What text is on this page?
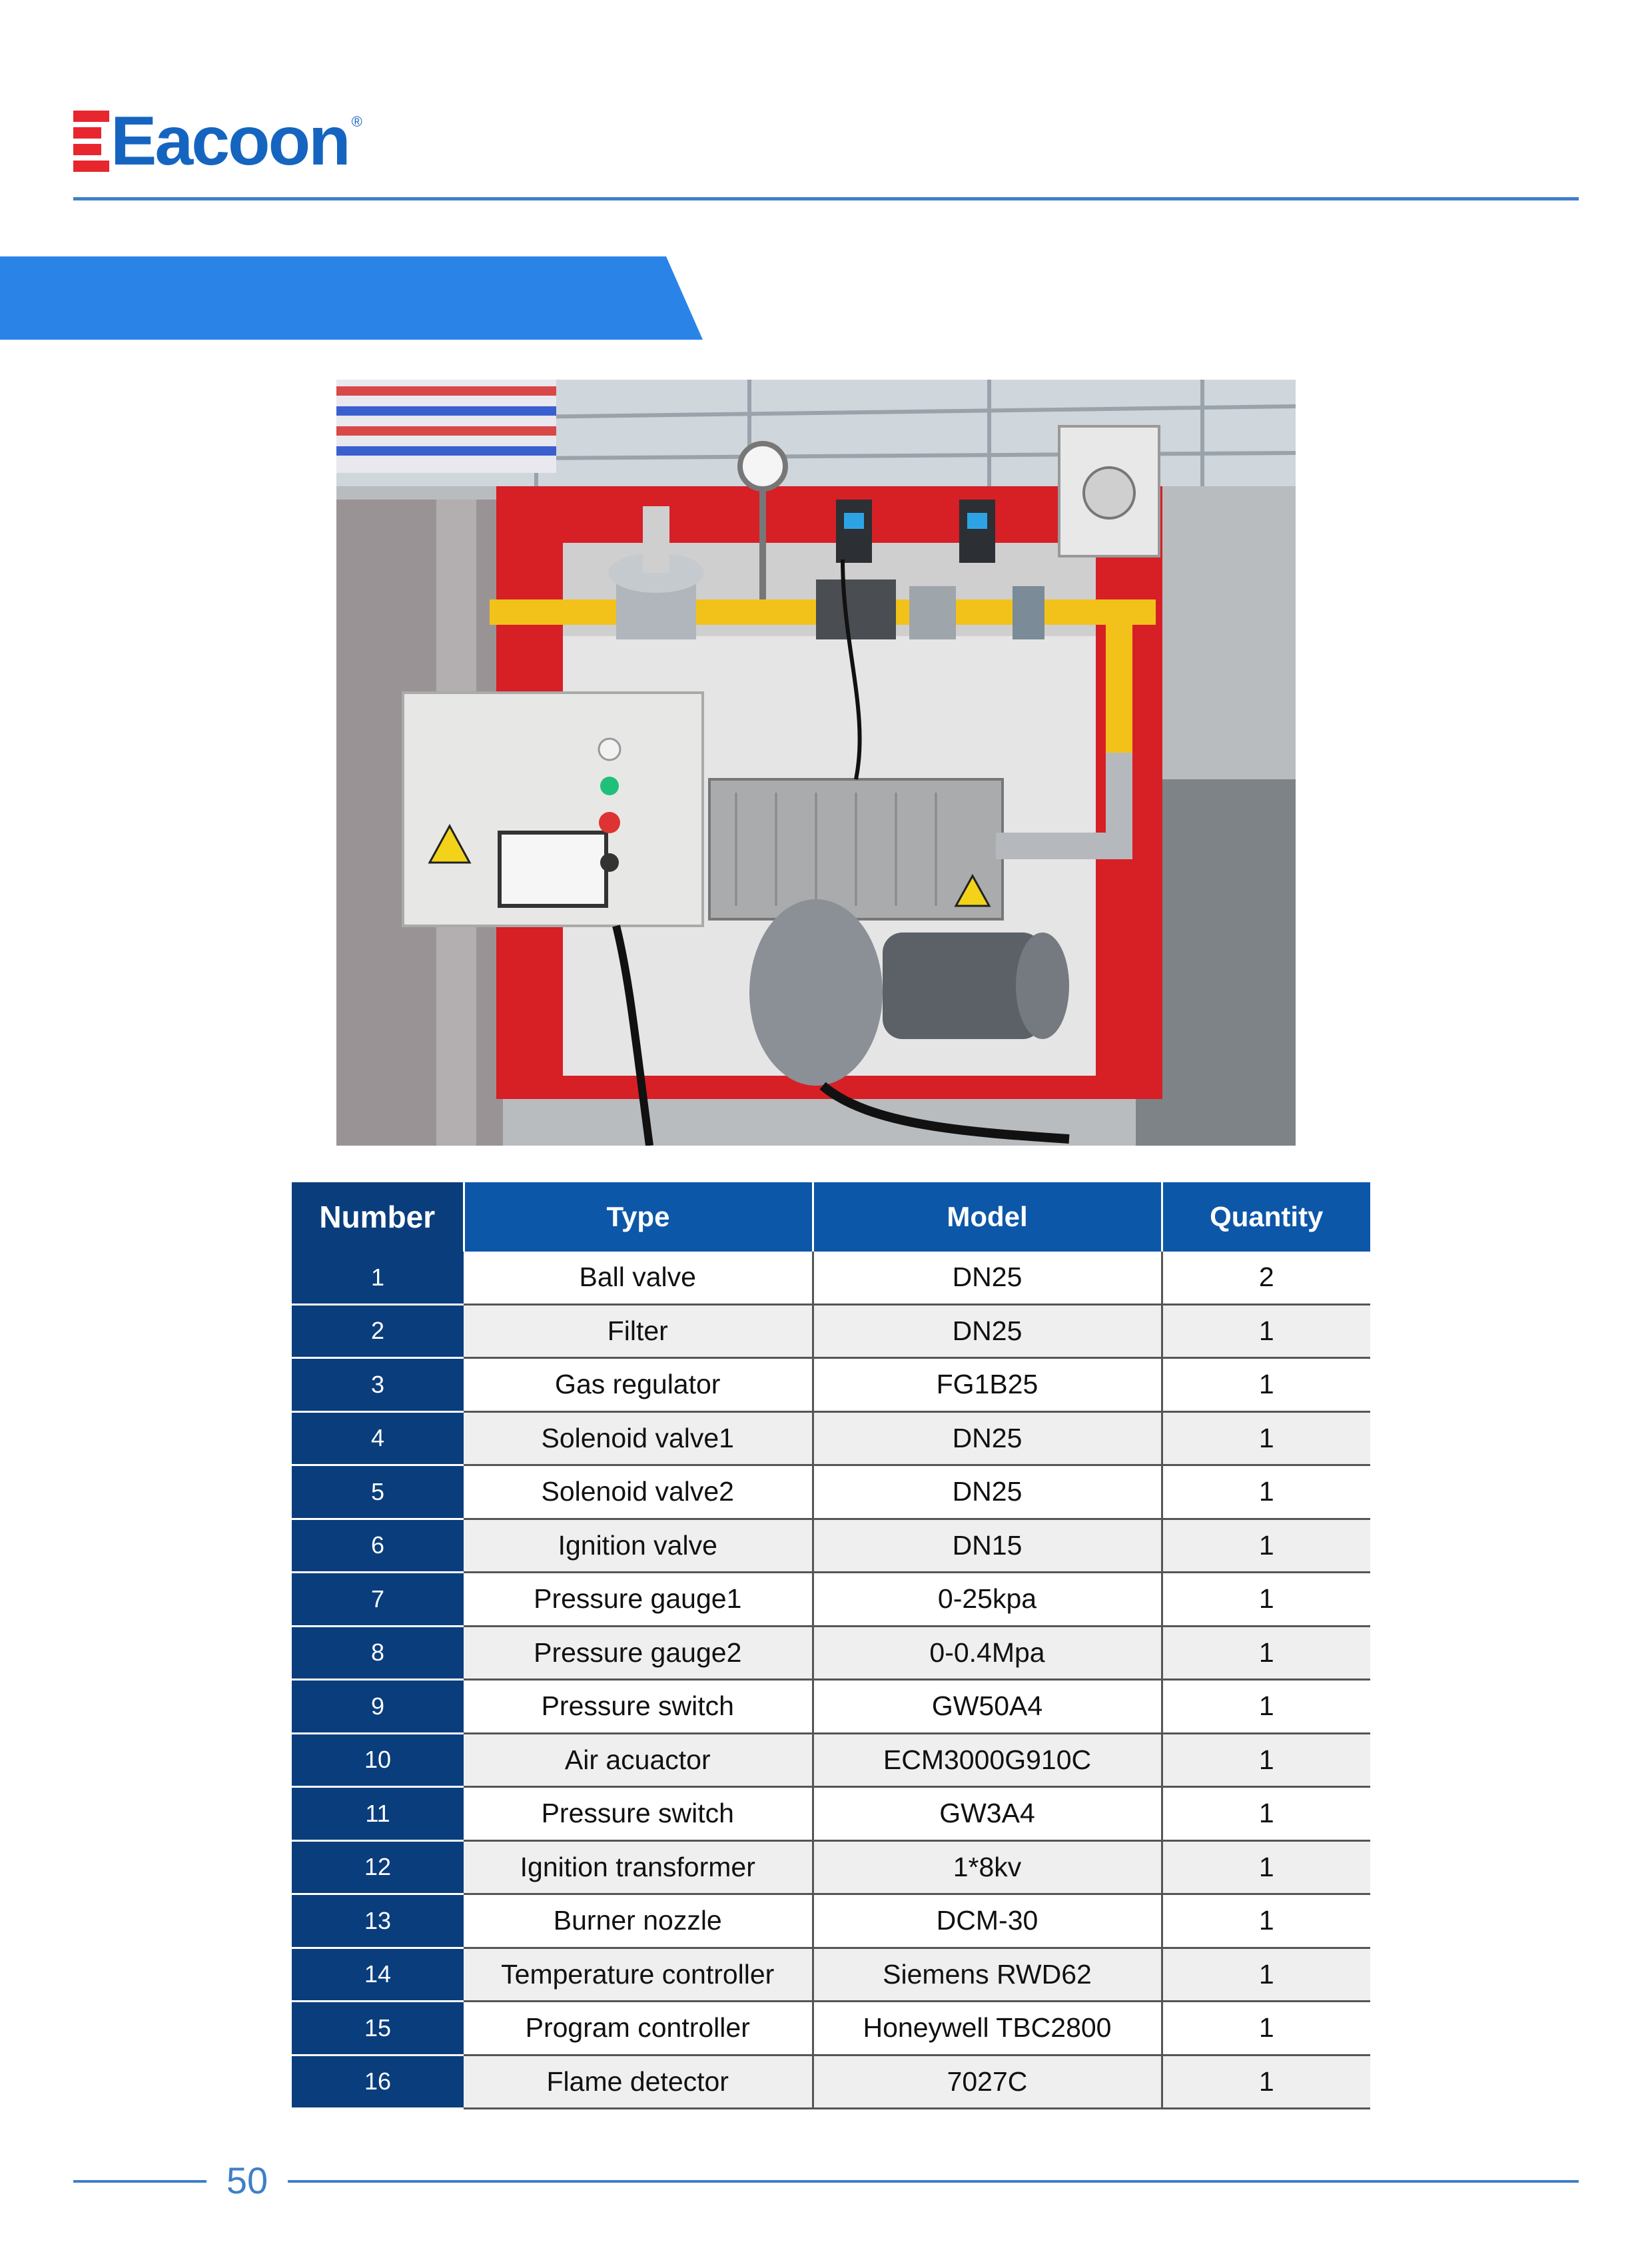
Eacoon ®
Linear combustion system
Number	Type	Model	Quantity
1	Ball valve	DN25	2
2	Filter	DN25	1
3	Gas regulator	FG1B25	1
4	Solenoid valve1	DN25	1
5	Solenoid valve2	DN25	1
6	Ignition valve	DN15	1
7	Pressure gauge1	0-25kpa	1
8	Pressure gauge2	0-0.4Mpa	1
9	Pressure switch	GW50A4	1
10	Air acuactor	ECM3000G910C	1
11	Pressure switch	GW3A4	1
12	Ignition transformer	1*8kv	1
13	Burner nozzle	DCM-30	1
14	Temperature controller	Siemens RWD62	1
15	Program controller	Honeywell TBC2800	1
16	Flame detector	7027C	1
50
